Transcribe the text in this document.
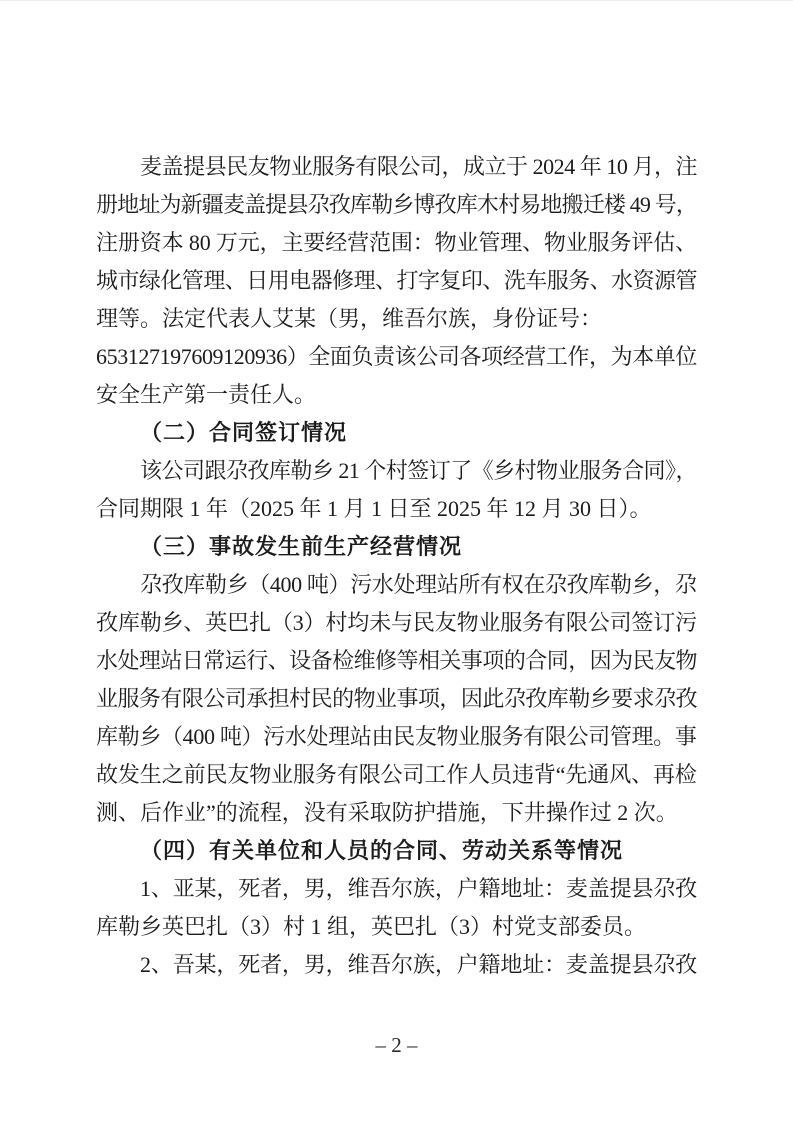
麦盖提县民友物业服务有限公司，成立于 2024 年 10 月，注
册地址为新疆麦盖提县尕孜库勒乡博孜库木村易地搬迁楼 49 号，
注册资本 80 万元，主要经营范围：物业管理、物业服务评估、
城市绿化管理、日用电器修理、打字复印、洗车服务、水资源管
理等。法定代表人艾某（男，维吾尔族，身份证号：
653127197609120936）全面负责该公司各项经营工作，为本单位
安全生产第一责任人。
（二）合同签订情况
该公司跟尕孜库勒乡 21 个村签订了《乡村物业服务合同》，
合同期限 1 年（2025 年 1 月 1 日至 2025 年 12 月 30 日）。
（三）事故发生前生产经营情况
尕孜库勒乡（400 吨）污水处理站所有权在尕孜库勒乡，尕
孜库勒乡、英巴扎（3）村均未与民友物业服务有限公司签订污
水处理站日常运行、设备检维修等相关事项的合同，因为民友物
业服务有限公司承担村民的物业事项，因此尕孜库勒乡要求尕孜
库勒乡（400 吨）污水处理站由民友物业服务有限公司管理。事
故发生之前民友物业服务有限公司工作人员违背“先通风、再检
测、后作业”的流程，没有采取防护措施，下井操作过 2 次。
（四）有关单位和人员的合同、劳动关系等情况
1、亚某，死者，男，维吾尔族，户籍地址：麦盖提县尕孜
库勒乡英巴扎（3）村 1 组，英巴扎（3）村党支部委员。
2、吾某，死者，男，维吾尔族，户籍地址：麦盖提县尕孜
– 2 –
